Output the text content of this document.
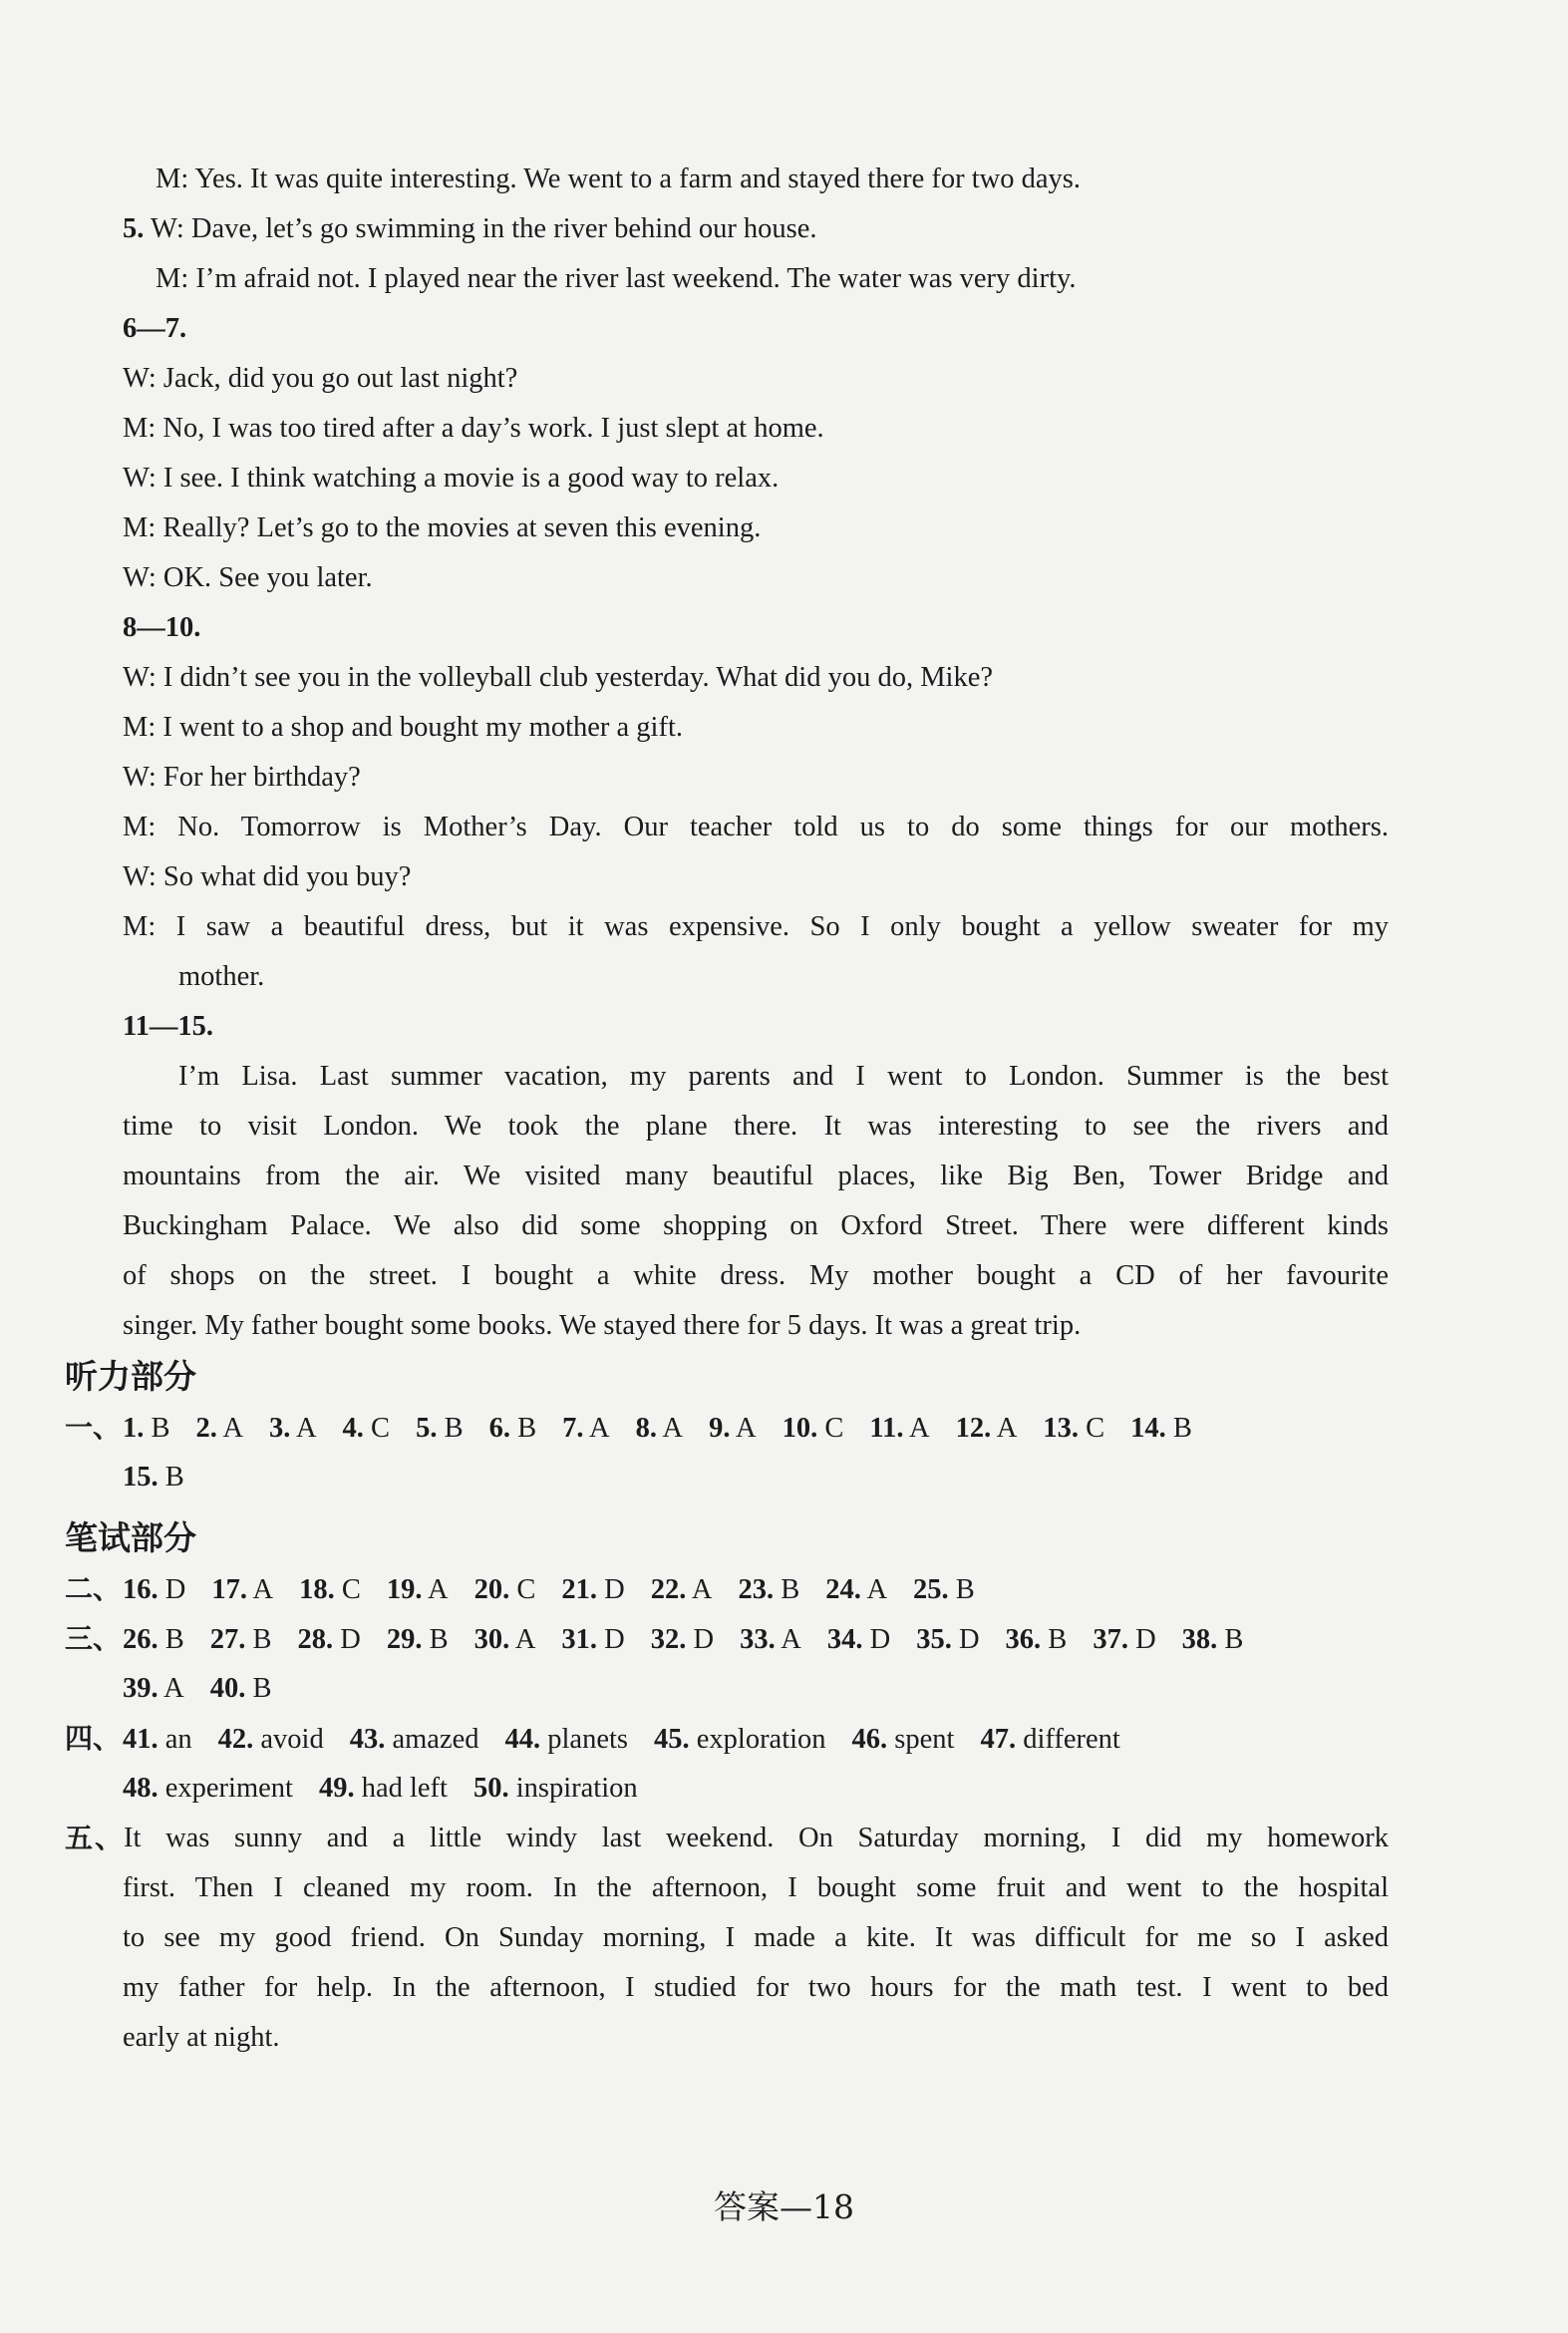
M: Yes. It was quite interesting. We went to a farm and stayed there for two days.
5. W: Dave, let’s go swimming in the river behind our house.
M: I’m afraid not. I played near the river last weekend. The water was very dirty.
6—7.
W: Jack, did you go out last night?
M: No, I was too tired after a day’s work. I just slept at home.
W: I see. I think watching a movie is a good way to relax.
M: Really? Let’s go to the movies at seven this evening.
W: OK. See you later.
8—10.
W: I didn’t see you in the volleyball club yesterday. What did you do, Mike?
M: I went to a shop and bought my mother a gift.
W: For her birthday?
M: No. Tomorrow is Mother’s Day. Our teacher told us to do some things for our mothers.
W: So what did you buy?
M: I saw a beautiful dress, but it was expensive. So I only bought a yellow sweater for my
mother.
11—15.
I’m Lisa. Last summer vacation, my parents and I went to London. Summer is the best
time to visit London. We took the plane there. It was interesting to see the rivers and
mountains from the air. We visited many beautiful places, like Big Ben, Tower Bridge and
Buckingham Palace. We also did some shopping on Oxford Street. There were different kinds
of shops on the street. I bought a white dress. My mother bought a CD of her favourite
singer. My father bought some books. We stayed there for 5 days. It was a great trip.
听力部分
一、1. B 2. A 3. A 4. C 5. B 6. B 7. A 8. A 9. A 10. C 11. A 12. A 13. C 14. B
15. B
笔试部分
二、16. D 17. A 18. C 19. A 20. C 21. D 22. A 23. B 24. A 25. B
三、26. B 27. B 28. D 29. B 30. A 31. D 32. D 33. A 34. D 35. D 36. B 37. D 38. B
39. A 40. B
四、41. an 42. avoid 43. amazed 44. planets 45. exploration 46. spent 47. different
48. experiment 49. had left 50. inspiration
五、 It was sunny and a little windy last weekend. On Saturday morning, I did my homework
first. Then I cleaned my room. In the afternoon, I bought some fruit and went to the hospital
to see my good friend. On Sunday morning, I made a kite. It was difficult for me so I asked
my father for help. In the afternoon, I studied for two hours for the math test. I went to bed
early at night.
答案—18
